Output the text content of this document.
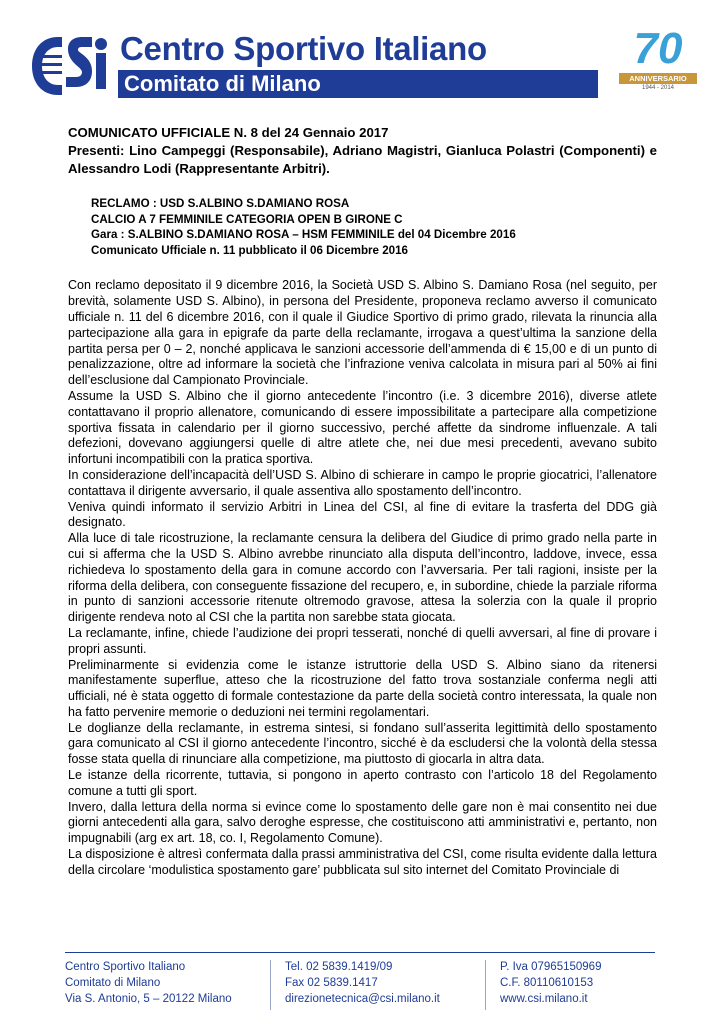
Centro Sportivo Italiano
Comitato di Milano
70
ANNIVERSARIO
1944 - 2014

COMUNICATO UFFICIALE N. 8 del 24 Gennaio 2017

Presenti: Lino Campeggi (Responsabile), Adriano Magistri, Gianluca Polastri (Componenti) e Alessandro Lodi (Rappresentante Arbitri).

RECLAMO : USD S.ALBINO S.DAMIANO ROSA
CALCIO A 7 FEMMINILE CATEGORIA OPEN B GIRONE C
Gara : S.ALBINO S.DAMIANO ROSA – HSM FEMMINILE del 04 Dicembre 2016
Comunicato Ufficiale n. 11 pubblicato il 06 Dicembre 2016

Con reclamo depositato il 9 dicembre 2016, la Società USD S. Albino S. Damiano Rosa (nel seguito, per brevità, solamente USD S. Albino), in persona del Presidente, proponeva reclamo avverso il comunicato ufficiale n. 11 del 6 dicembre 2016, con il quale il Giudice Sportivo di primo grado, rilevata la rinuncia alla partecipazione alla gara in epigrafe da parte della reclamante, irrogava a quest’ultima la sanzione della partita persa per 0 – 2, nonché applicava le sanzioni accessorie dell’ammenda di € 15,00 e di un punto di penalizzazione, oltre ad informare la società che l’infrazione veniva calcolata in misura pari al 50% ai fini dell’esclusione dal Campionato Provinciale.

Assume la USD S. Albino che il giorno antecedente l’incontro (i.e. 3 dicembre 2016), diverse atlete contattavano il proprio allenatore, comunicando di essere impossibilitate a partecipare alla competizione sportiva fissata in calendario per il giorno successivo, perché affette da sindrome influenzale. A tali defezioni, dovevano aggiungersi quelle di altre atlete che, nei due mesi precedenti, avevano subito infortuni incompatibili con la pratica sportiva.

In considerazione dell’incapacità dell’USD S. Albino di schierare in campo le proprie giocatrici, l’allenatore contattava il dirigente avversario, il quale assentiva allo spostamento dell’incontro.

Veniva quindi informato il servizio Arbitri in Linea del CSI, al fine di evitare la trasferta del DDG già designato.

Alla luce di tale ricostruzione, la reclamante censura la delibera del Giudice di primo grado nella parte in cui si afferma che la USD S. Albino avrebbe rinunciato alla disputa dell’incontro, laddove, invece, essa richiedeva lo spostamento della gara in comune accordo con l’avversaria. Per tali ragioni, insiste per la riforma della delibera, con conseguente fissazione del recupero, e, in subordine, chiede la parziale riforma in punto di sanzioni accessorie ritenute oltremodo gravose, attesa la solerzia con la quale il proprio dirigente rendeva noto al CSI che la partita non sarebbe stata giocata.

La reclamante, infine, chiede l’audizione dei propri tesserati, nonché di quelli avversari, al fine di provare i propri assunti.

Preliminarmente si evidenzia come le istanze istruttorie della USD S. Albino siano da ritenersi manifestamente superflue, atteso che la ricostruzione del fatto trova sostanziale conferma negli atti ufficiali, né è stata oggetto di formale contestazione da parte della società contro interessata, la quale non ha fatto pervenire memorie o deduzioni nei termini regolamentari.

Le doglianze della reclamante, in estrema sintesi, si fondano sull’asserita legittimità dello spostamento gara comunicato al CSI il giorno antecedente l’incontro, sicché è da escludersi che la volontà della stessa fosse stata quella di rinunciare alla competizione, ma piuttosto di giocarla in altra data.

Le istanze della ricorrente, tuttavia, si pongono in aperto contrasto con l’articolo 18 del Regolamento comune a tutti gli sport.

Invero, dalla lettura della norma si evince come lo spostamento delle gare non è mai consentito nei due giorni antecedenti alla gara, salvo deroghe espresse, che costituiscono atti amministrativi e, pertanto, non impugnabili (arg ex art. 18, co. I, Regolamento Comune).

La disposizione è altresì confermata dalla prassi amministrativa del CSI, come risulta evidente dalla lettura della circolare ‘modulistica spostamento gare’ pubblicata sul sito internet del Comitato Provinciale di

Centro Sportivo Italiano
Comitato di Milano
Via S. Antonio, 5 – 20122 Milano
Tel. 02 5839.1419/09
Fax 02 5839.1417
direzionetecnica@csi.milano.it
P. Iva 07965150969
C.F. 80110610153
www.csi.milano.it
